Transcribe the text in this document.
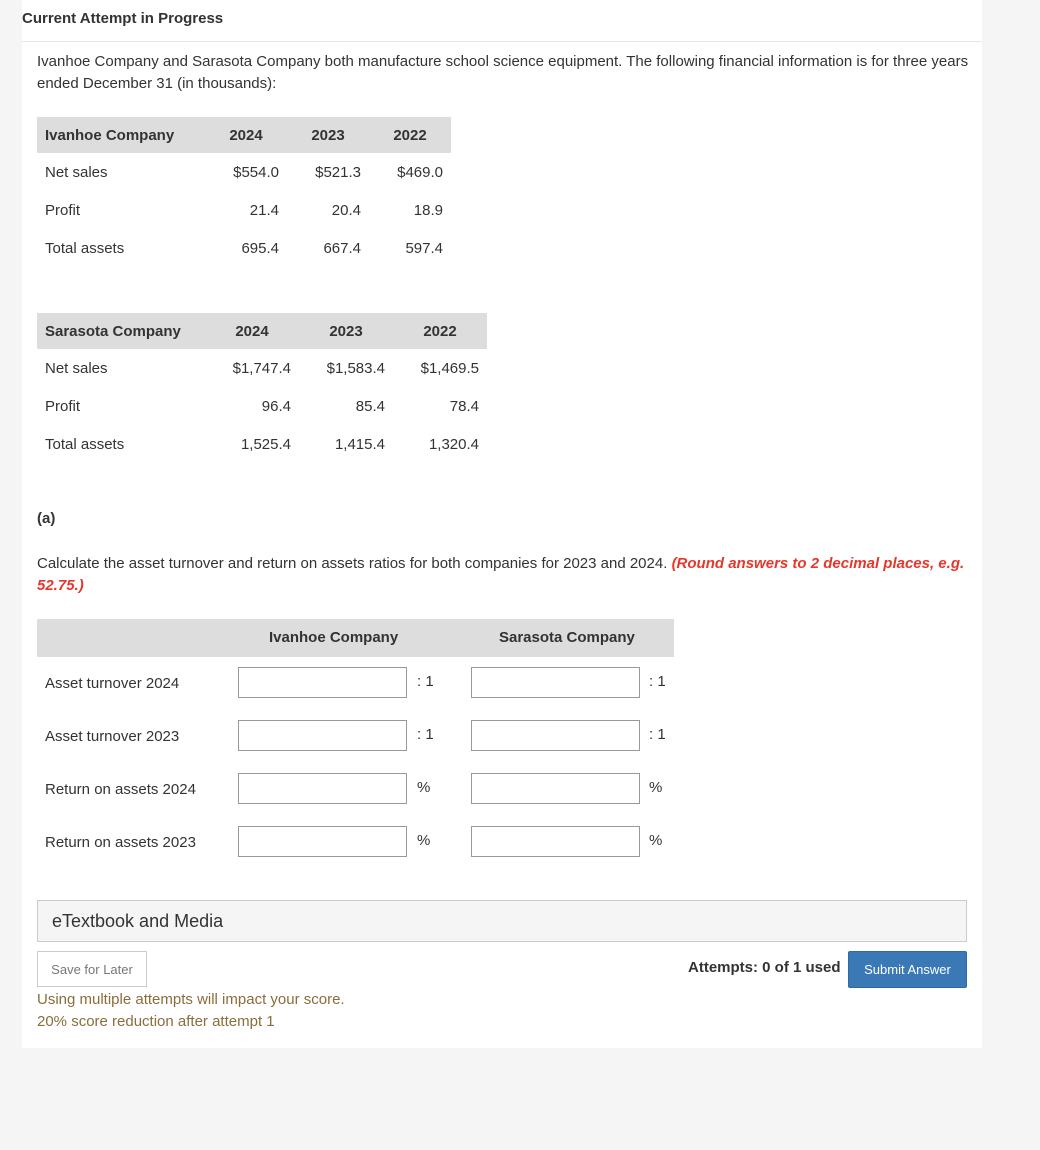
Current Attempt in Progress
Ivanhoe Company and Sarasota Company both manufacture school science equipment. The following financial information is for three years ended December 31 (in thousands):
Ivanhoe Company	2024	2023	2022
Net sales	$554.0	$521.3	$469.0
Profit	21.4	20.4	18.9
Total assets	695.4	667.4	597.4
Sarasota Company	2024	2023	2022
Net sales	$1,747.4	$1,583.4	$1,469.5
Profit	96.4	85.4	78.4
Total assets	1,525.4	1,415.4	1,320.4
(a)
Calculate the asset turnover and return on assets ratios for both companies for 2023 and 2024. (Round answers to 2 decimal places, e.g. 52.75.)
Ivanhoe Company	Sarasota Company
Asset turnover 2024	: 1	: 1
Asset turnover 2023	: 1	: 1
Return on assets 2024	%	%
Return on assets 2023	%	%
eTextbook and Media
Save for Later
Using multiple attempts will impact your score.
20% score reduction after attempt 1
Attempts: 0 of 1 used	Submit Answer
